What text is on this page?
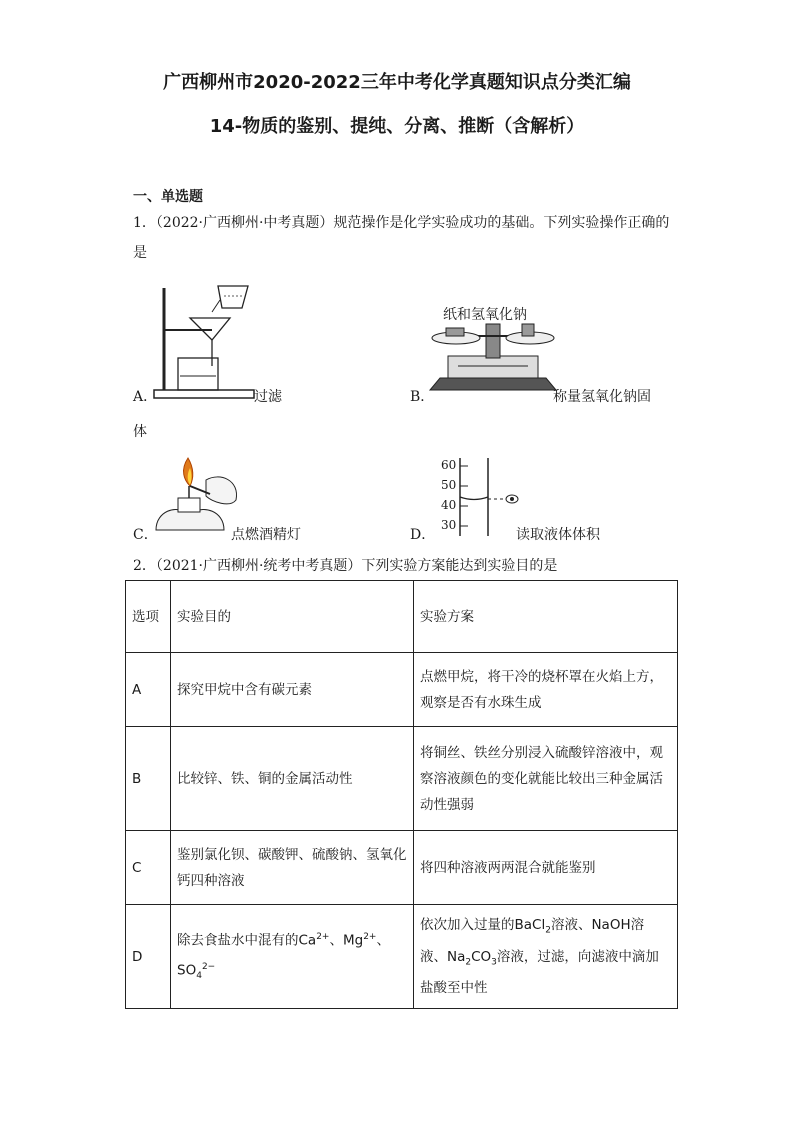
广西柳州市2020-2022三年中考化学真题知识点分类汇编
14-物质的鉴别、提纯、分离、推断（含解析）
一、单选题
1．（2022·广西柳州·中考真题）规范操作是化学实验成功的基础。下列实验操作正确的
是
A．	过滤
纸和氢氧化钠
B．	称量氢氧化钠固
体
C．	点燃酒精灯
60
50
40
30
D．	读取液体体积
2．（2021·广西柳州·统考中考真题）下列实验方案能达到实验目的是
选项	实验目的	实验方案
A	探究甲烷中含有碳元素	点燃甲烷，将干冷的烧杯罩在火焰上方，观察是否有水珠生成
B	比较锌、铁、铜的金属活动性	将铜丝、铁丝分别浸入硫酸锌溶液中，观察溶液颜色的变化就能比较出三种金属活动性强弱
C	鉴别氯化钡、碳酸钾、硫酸钠、氢氧化钙四种溶液	将四种溶液两两混合就能鉴别
D	除去食盐水中混有的$Ca^{2+}$、$Mg^{2+}$、
$SO_4^{2-}$	依次加入过量的BaCl$_2$溶液、NaOH溶液、$Na_2CO_3$溶液，过滤，向滤液中滴加盐酸至中性
